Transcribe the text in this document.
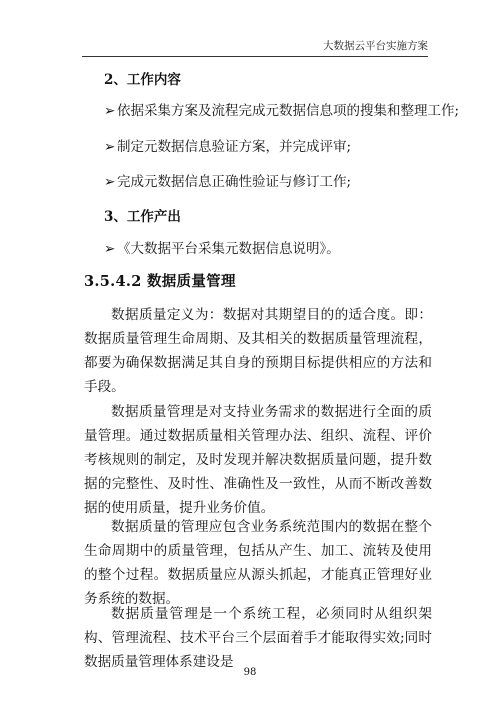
大数据云平台实施方案
2、工作内容
➢ 依据采集方案及流程完成元数据信息项的搜集和整理工作;
➢ 制定元数据信息验证方案，并完成评审;
➢ 完成元数据信息正确性验证与修订工作;
3、工作产出
➢ 《大数据平台采集元数据信息说明》。
3.5.4.2 数据质量管理
数据质量定义为：数据对其期望目的的适合度。即：数据质量管理生命周期、及其相关的数据质量管理流程，都要为确保数据满足其自身的预期目标提供相应的方法和手段。
数据质量管理是对支持业务需求的数据进行全面的质量管理。通过数据质量相关管理办法、组织、流程、评价考核规则的制定，及时发现并解决数据质量问题，提升数据的完整性、及时性、准确性及一致性，从而不断改善数据的使用质量，提升业务价值。
数据质量的管理应包含业务系统范围内的数据在整个生命周期中的质量管理，包括从产生、加工、流转及使用的整个过程。数据质量应从源头抓起，才能真正管理好业务系统的数据。
数据质量管理是一个系统工程，必须同时从组织架构、管理流程、技术平台三个层面着手才能取得实效;同时数据质量管理体系建设是
98
